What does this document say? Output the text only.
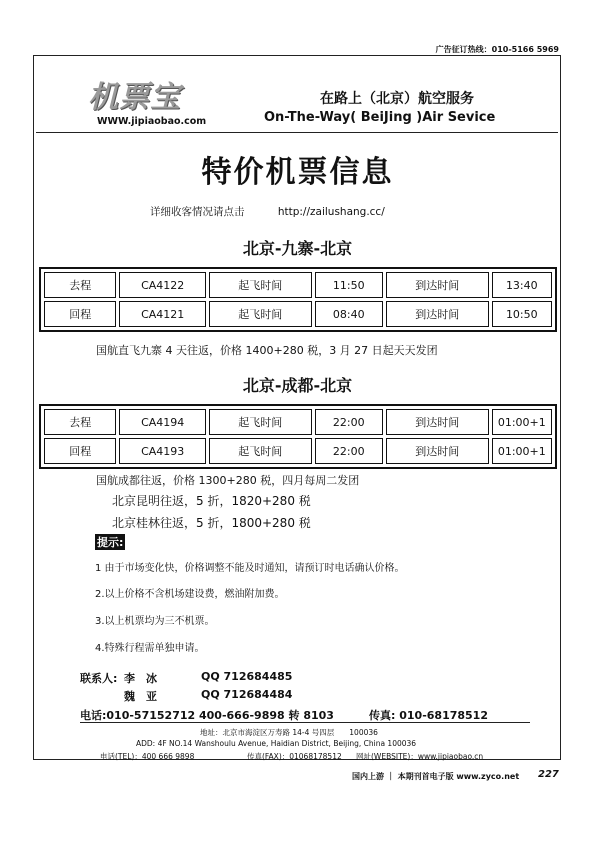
广告征订热线：010-5166 5969
机票宝
WWW.jipiaobao.com
在路上（北京）航空服务
On-The-Way( BeiJing )Air Sevice
特价机票信息
详细收客情况请点击	http://zailushang.cc/
北京-九寨-北京
去程	CA4122	起飞时间	11:50	到达时间	13:40
回程	CA4121	起飞时间	08:40	到达时间	10:50
国航直飞九寨 4 天往返，价格 1400+280 税，3 月 27 日起天天发团
北京-成都-北京
去程	CA4194	起飞时间	22:00	到达时间	01:00+1
回程	CA4193	起飞时间	22:00	到达时间	01:00+1
国航成都往返，价格 1300+280 税，四月每周二发团
北京昆明往返，5 折，1820+280 税
北京桂林往返，5 折，1800+280 税
提示:
1 由于市场变化快，价格调整不能及时通知，请预订时电话确认价格。
2.以上价格不含机场建设费，燃油附加费。
3.以上机票均为三不机票。
4.特殊行程需单独申请。
联系人: 李　冰	QQ 712684485
魏　亚	QQ 712684484
电话:010-57152712 400-666-9898 转 8103	传真: 010-68178512
地址：北京市海淀区万寿路 14-4 号四层　　100036
ADD: 4F NO.14 Wanshoulu Avenue, Haidian District, Beijing, China 100036
电话(TEL)：400 666 9898	传真(FAX)：01068178512 网址(WEBSITE)：www.jipiaobao.cn
国内上游 ｜ 本期刊首电子版 www.zyco.net 227
